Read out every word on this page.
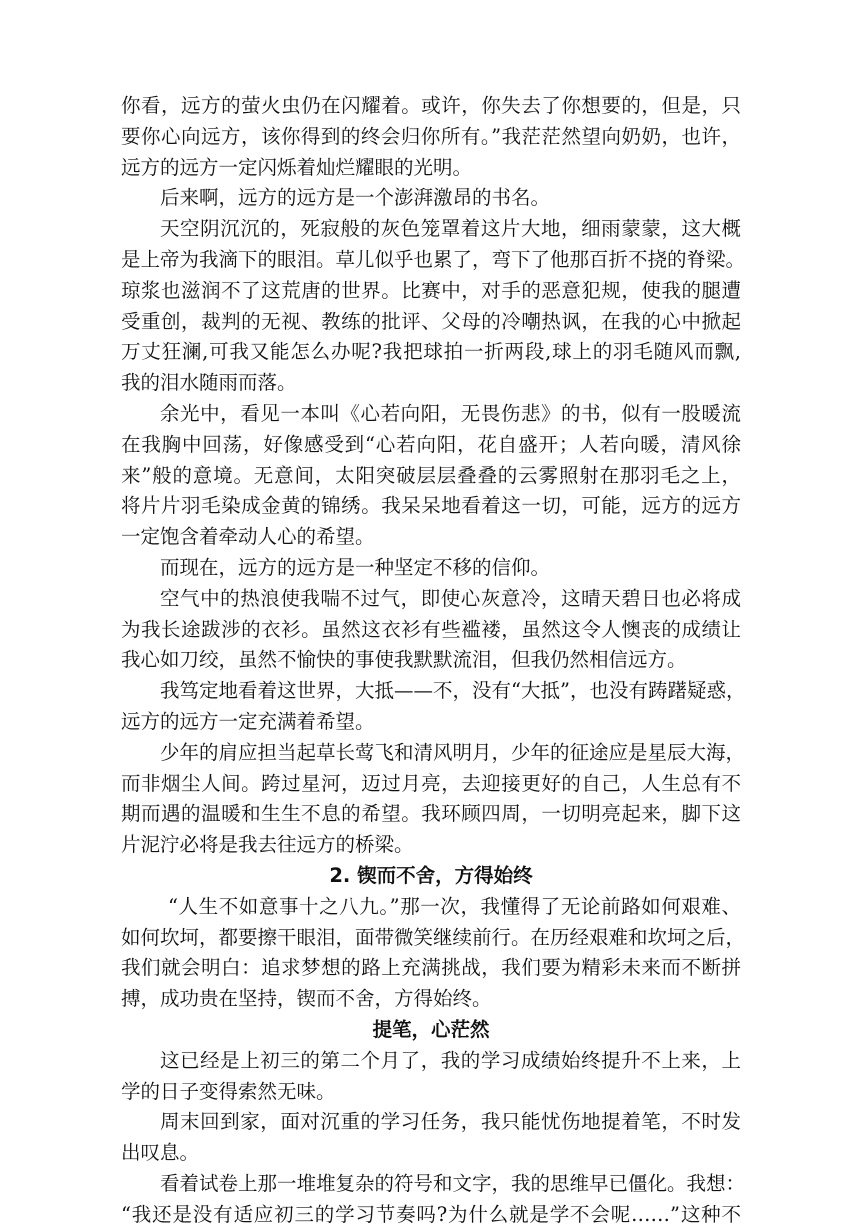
你看，远方的萤火虫仍在闪耀着。或许，你失去了你想要的，但是，只
要你心向远方，该你得到的终会归你所有。”我茫茫然望向奶奶，也许，
远方的远方一定闪烁着灿烂耀眼的光明。
后来啊，远方的远方是一个澎湃激昂的书名。
天空阴沉沉的，死寂般的灰色笼罩着这片大地，细雨蒙蒙，这大概
是上帝为我滴下的眼泪。草儿似乎也累了，弯下了他那百折不挠的脊梁。
琼浆也滋润不了这荒唐的世界。比赛中，对手的恶意犯规，使我的腿遭
受重创，裁判的无视、教练的批评、父母的冷嘲热讽，在我的心中掀起
万丈狂澜,可我又能怎么办呢?我把球拍一折两段,球上的羽毛随风而飘,
我的泪水随雨而落。
余光中，看见一本叫《心若向阳，无畏伤悲》的书，似有一股暖流
在我胸中回荡，好像感受到“心若向阳，花自盛开；人若向暖，清风徐
来”般的意境。无意间，太阳突破层层叠叠的云雾照射在那羽毛之上，
将片片羽毛染成金黄的锦绣。我呆呆地看着这一切，可能，远方的远方
一定饱含着牵动人心的希望。
而现在，远方的远方是一种坚定不移的信仰。
空气中的热浪使我喘不过气，即使心灰意冷，这晴天碧日也必将成
为我长途跋涉的衣衫。虽然这衣衫有些褴褛，虽然这令人懊丧的成绩让
我心如刀绞，虽然不愉快的事使我默默流泪，但我仍然相信远方。
我笃定地看着这世界，大抵——不，没有“大抵”，也没有踌躇疑惑，
远方的远方一定充满着希望。
少年的肩应担当起草长莺飞和清风明月，少年的征途应是星辰大海，
而非烟尘人间。跨过星河，迈过月亮，去迎接更好的自己，人生总有不
期而遇的温暖和生生不息的希望。我环顾四周，一切明亮起来，脚下这
片泥泞必将是我去往远方的桥梁。
2. 锲而不舍，方得始终
“人生不如意事十之八九。”那一次，我懂得了无论前路如何艰难、
如何坎坷，都要擦干眼泪，面带微笑继续前行。在历经艰难和坎坷之后，
我们就会明白：追求梦想的路上充满挑战，我们要为精彩未来而不断拼
搏，成功贵在坚持，锲而不舍，方得始终。
提笔，心茫然
这已经是上初三的第二个月了，我的学习成绩始终提升不上来，上
学的日子变得索然无味。
周末回到家，面对沉重的学习任务，我只能忧伤地提着笔，不时发
出叹息。
看着试卷上那一堆堆复杂的符号和文字，我的思维早已僵化。我想：
“我还是没有适应初三的学习节奏吗?为什么就是学不会呢……”这种不
